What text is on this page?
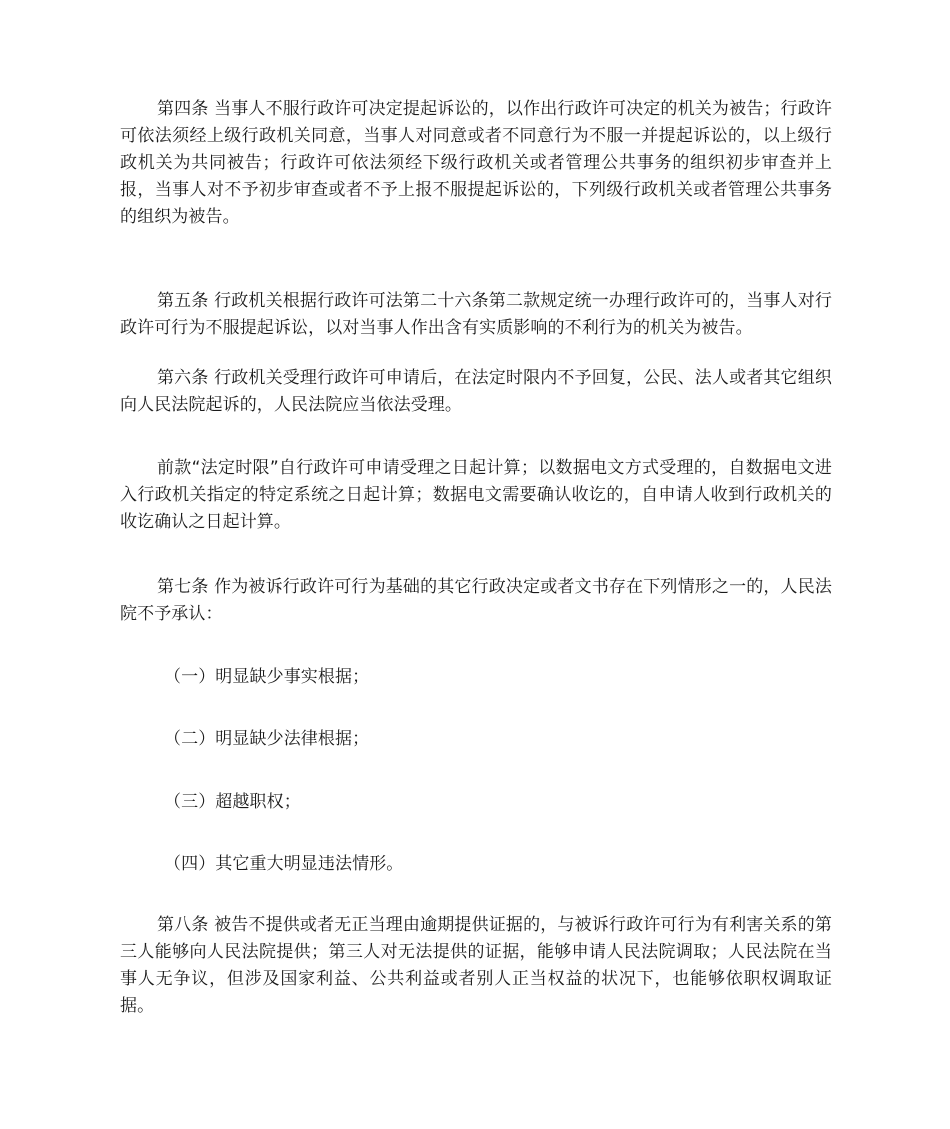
第四条 当事人不服行政许可决定提起诉讼的，以作出行政许可决定的机关为被告；行政许可依法须经上级行政机关同意，当事人对同意或者不同意行为不服一并提起诉讼的，以上级行政机关为共同被告；行政许可依法须经下级行政机关或者管理公共事务的组织初步审查并上报，当事人对不予初步审查或者不予上报不服提起诉讼的，下列级行政机关或者管理公共事务的组织为被告。

第五条 行政机关根据行政许可法第二十六条第二款规定统一办理行政许可的，当事人对行政许可行为不服提起诉讼，以对当事人作出含有实质影响的不利行为的机关为被告。

第六条 行政机关受理行政许可申请后，在法定时限内不予回复，公民、法人或者其它组织向人民法院起诉的，人民法院应当依法受理。

前款“法定时限”自行政许可申请受理之日起计算；以数据电文方式受理的，自数据电文进入行政机关指定的特定系统之日起计算；数据电文需要确认收讫的，自申请人收到行政机关的收讫确认之日起计算。

第七条 作为被诉行政许可行为基础的其它行政决定或者文书存在下列情形之一的，人民法院不予承认：

（一）明显缺少事实根据；

（二）明显缺少法律根据；

（三）超越职权；

（四）其它重大明显违法情形。

第八条 被告不提供或者无正当理由逾期提供证据的，与被诉行政许可行为有利害关系的第三人能够向人民法院提供；第三人对无法提供的证据，能够申请人民法院调取；人民法院在当事人无争议，但涉及国家利益、公共利益或者别人正当权益的状况下，也能够依职权调取证据。
